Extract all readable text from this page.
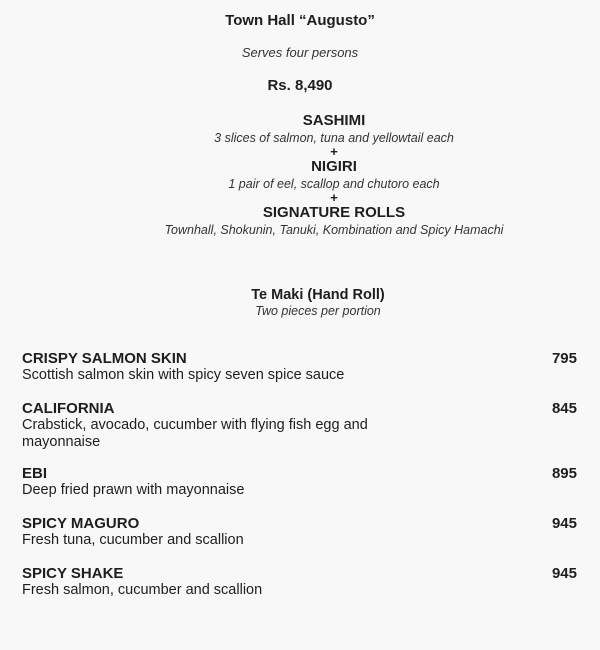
Town Hall “Augusto”
Serves four persons
Rs. 8,490
SASHIMI
3 slices of salmon, tuna and yellowtail each
+
NIGIRI
1 pair of eel, scallop and chutoro each
+
SIGNATURE ROLLS
Townhall, Shokunin, Tanuki, Kombination and Spicy Hamachi
Te Maki (Hand Roll)
Two pieces per portion
CRISPY SALMON SKIN
Scottish salmon skin with spicy seven spice sauce
795
CALIFORNIA
Crabstick, avocado, cucumber with flying fish egg and mayonnaise
845
EBI
Deep fried prawn with mayonnaise
895
SPICY MAGURO
Fresh tuna, cucumber and scallion
945
SPICY SHAKE
Fresh salmon, cucumber and scallion
945
